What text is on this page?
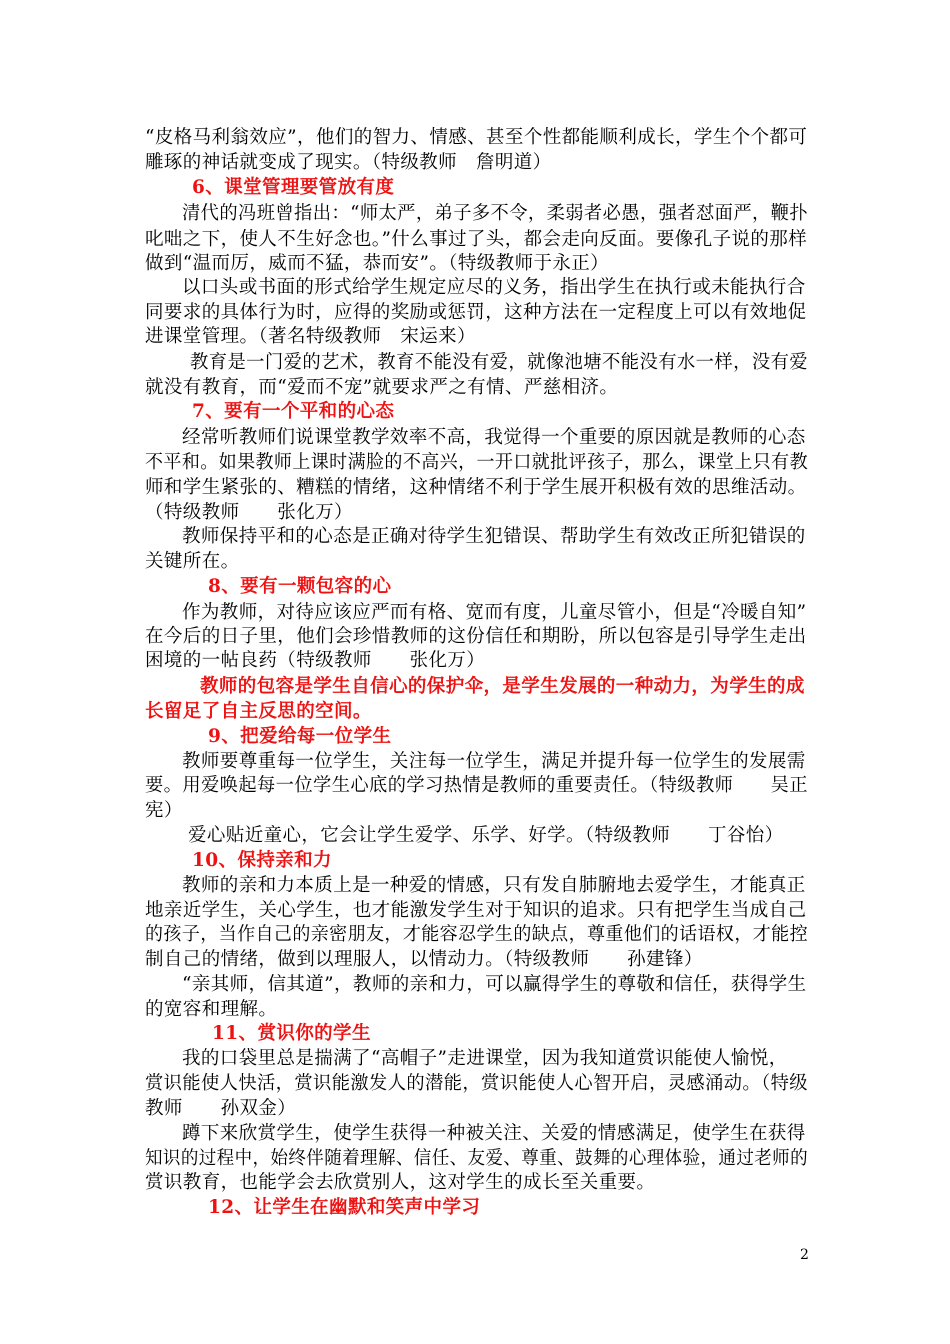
“皮格马利翁效应”，他们的智力、情感、甚至个性都能顺利成长，学生个个都可
雕琢的神话就变成了现实。（特级教师　詹明道）
6、课堂管理要管放有度
清代的冯班曾指出：“师太严，弟子多不令，柔弱者必愚，强者怼面严，鞭扑
叱咄之下，使人不生好念也。”什么事过了头，都会走向反面。要像孔子说的那样
做到“温而厉，威而不猛，恭而安”。（特级教师于永正）
以口头或书面的形式给学生规定应尽的义务，指出学生在执行或未能执行合
同要求的具体行为时，应得的奖励或惩罚，这种方法在一定程度上可以有效地促
进课堂管理。（著名特级教师　宋运来）
教育是一门爱的艺术，教育不能没有爱，就像池塘不能没有水一样，没有爱
就没有教育，而“爱而不宠”就要求严之有情、严慈相济。
7、要有一个平和的心态
经常听教师们说课堂教学效率不高，我觉得一个重要的原因就是教师的心态
不平和。如果教师上课时满脸的不高兴，一开口就批评孩子，那么，课堂上只有教
师和学生紧张的、糟糕的情绪，这种情绪不利于学生展开积极有效的思维活动。
（特级教师　　张化万）
教师保持平和的心态是正确对待学生犯错误、帮助学生有效改正所犯错误的
关键所在。
8、要有一颗包容的心
作为教师，对待应该应严而有格、宽而有度，儿童尽管小，但是“冷暖自知”
在今后的日子里，他们会珍惜教师的这份信任和期盼，所以包容是引导学生走出
困境的一帖良药（特级教师　　张化万）
教师的包容是学生自信心的保护伞，是学生发展的一种动力，为学生的成
长留足了自主反思的空间。
9、把爱给每一位学生
教师要尊重每一位学生，关注每一位学生，满足并提升每一位学生的发展需
要。用爱唤起每一位学生心底的学习热情是教师的重要责任。（特级教师　　吴正
宪）
爱心贴近童心，它会让学生爱学、乐学、好学。（特级教师　　丁谷怡）
10、保持亲和力
教师的亲和力本质上是一种爱的情感，只有发自肺腑地去爱学生，才能真正
地亲近学生，关心学生，也才能激发学生对于知识的追求。只有把学生当成自己
的孩子，当作自己的亲密朋友，才能容忍学生的缺点，尊重他们的话语权，才能控
制自己的情绪，做到以理服人，以情动力。（特级教师　　孙建锋）
“亲其师，信其道”，教师的亲和力，可以赢得学生的尊敬和信任，获得学生
的宽容和理解。
11、赏识你的学生
我的口袋里总是揣满了“高帽子”走进课堂，因为我知道赏识能使人愉悦，
赏识能使人快活，赏识能激发人的潜能，赏识能使人心智开启，灵感涌动。（特级
教师　　孙双金）
蹲下来欣赏学生，使学生获得一种被关注、关爱的情感满足，使学生在获得
知识的过程中，始终伴随着理解、信任、友爱、尊重、鼓舞的心理体验，通过老师的
赏识教育，也能学会去欣赏别人，这对学生的成长至关重要。
12、让学生在幽默和笑声中学习
2
